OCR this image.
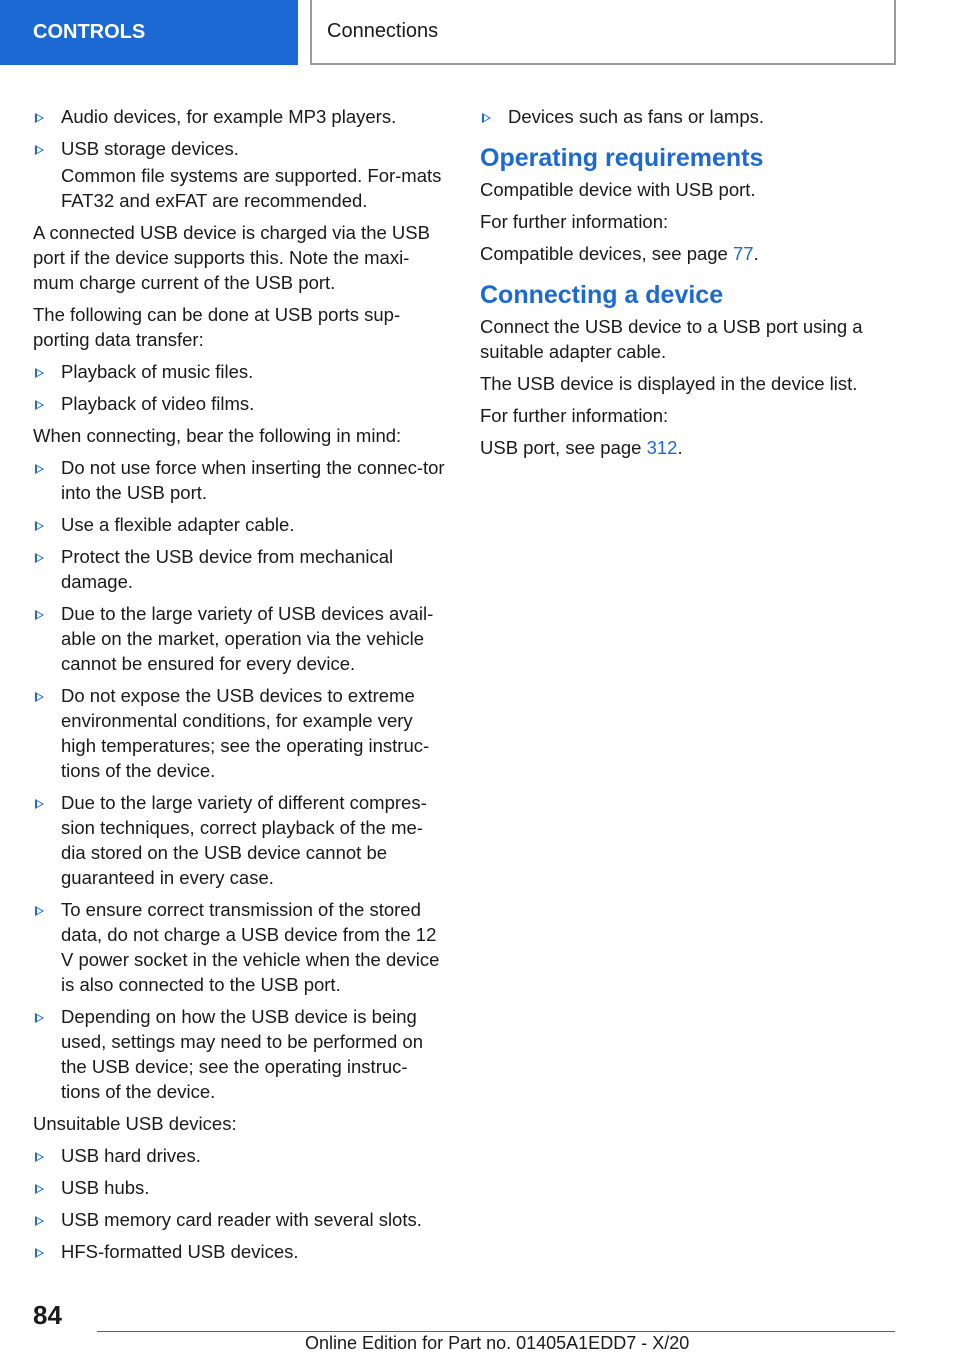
CONTROLS	Connections
Audio devices, for example MP3 players.
USB storage devices.

Common file systems are supported. For-mats FAT32 and exFAT are recommended.

A connected USB device is charged via the USB port if the device supports this. Note the maxi-mum charge current of the USB port.

The following can be done at USB ports sup-porting data transfer:

Playback of music files.
Playback of video films.

When connecting, bear the following in mind:

Do not use force when inserting the connec-tor into the USB port.
Use a flexible adapter cable.
Protect the USB device from mechanical damage.
Due to the large variety of USB devices avail-able on the market, operation via the vehicle cannot be ensured for every device.
Do not expose the USB devices to extreme environmental conditions, for example very high temperatures; see the operating instruc-tions of the device.
Due to the large variety of different compres-sion techniques, correct playback of the me-dia stored on the USB device cannot be guaranteed in every case.
To ensure correct transmission of the stored data, do not charge a USB device from the 12 V power socket in the vehicle when the device is also connected to the USB port.
Depending on how the USB device is being used, settings may need to be performed on the USB device; see the operating instruc-tions of the device.

Unsuitable USB devices:

USB hard drives.
USB hubs.
USB memory card reader with several slots.
HFS-formatted USB devices.
Devices such as fans or lamps.
Operating requirements

Compatible device with USB port.

For further information:

Compatible devices, see page 77.

Connecting a device

Connect the USB device to a USB port using a suitable adapter cable.

The USB device is displayed in the device list.

For further information:

USB port, see page 312.

84
Online Edition for Part no. 01405A1EDD7 - X/20
